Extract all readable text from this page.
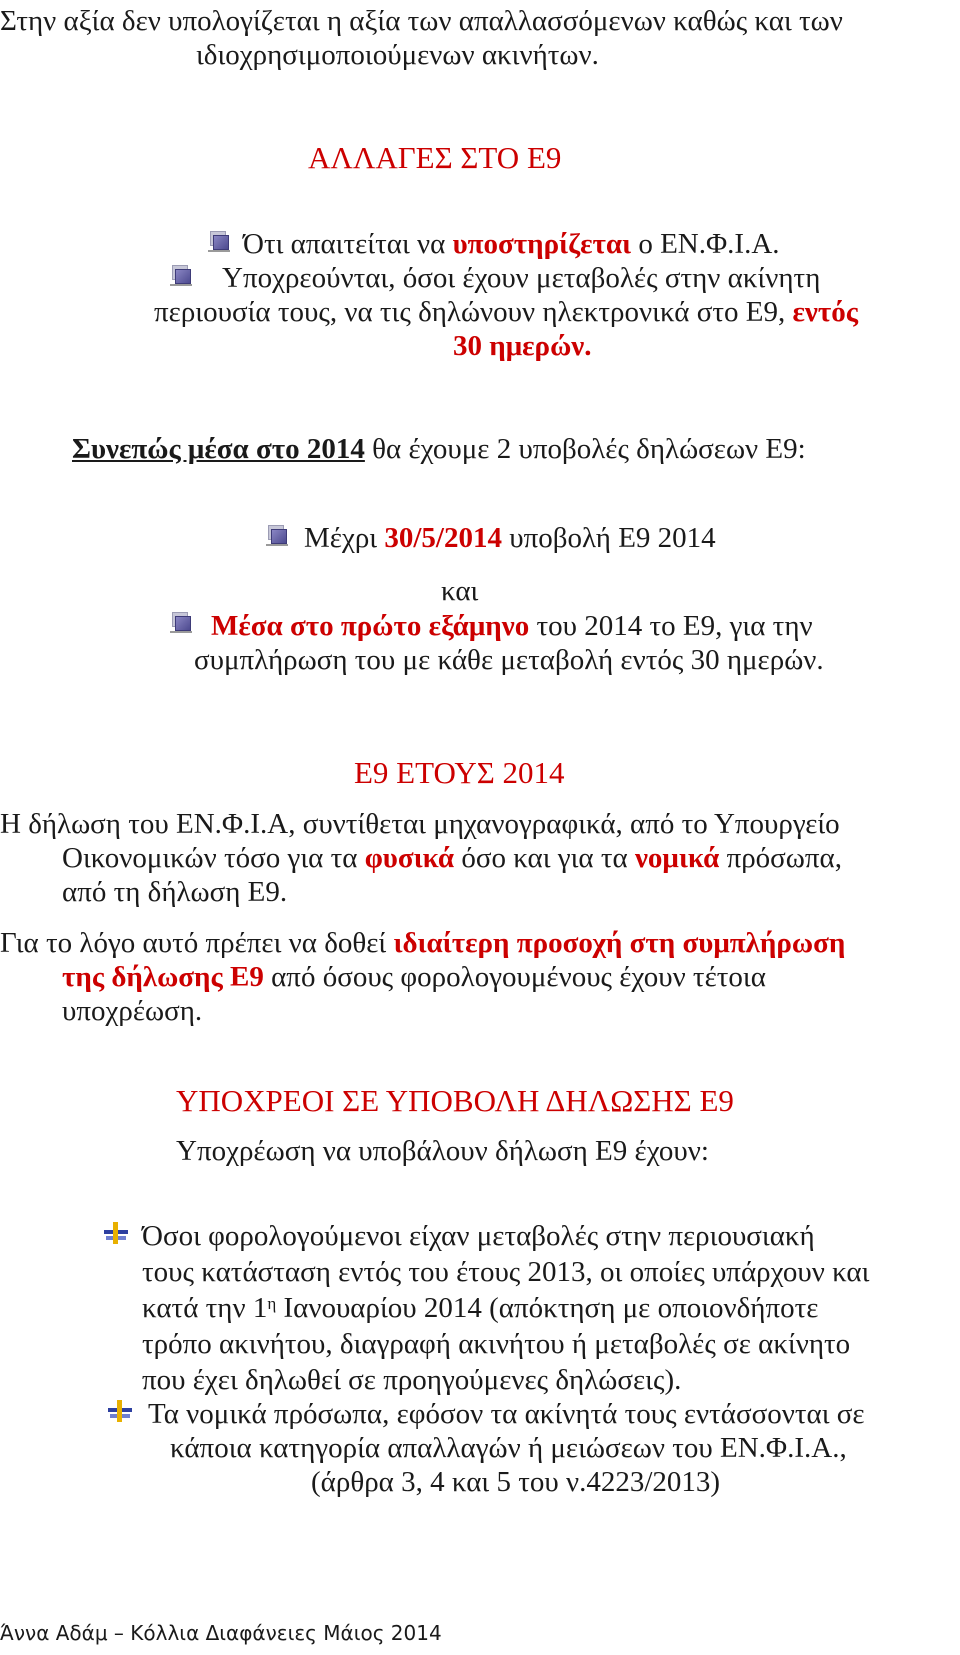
Στην αξία δεν υπολογίζεται η αξία των απαλλασσόμενων καθώς και των
ιδιοχρησιμοποιούμενων ακινήτων.
ΑΛΛΑΓΕΣ ΣΤΟ Ε9
Ότι απαιτείται να υποστηρίζεται ο ΕΝ.Φ.Ι.Α.
Υποχρεούνται, όσοι έχουν μεταβολές στην ακίνητη
περιουσία τους, να τις δηλώνουν ηλεκτρονικά στο Ε9, εντός
30 ημερών.
Συνεπώς μέσα στο 2014 θα έχουμε 2 υποβολές δηλώσεων Ε9:
Μέχρι 30/5/2014 υποβολή Ε9 2014
και
Μέσα στο πρώτο εξάμηνο του 2014 το Ε9, για την
συμπλήρωση του με κάθε μεταβολή εντός 30 ημερών.
Ε9 ΕΤΟΥΣ 2014
Η δήλωση του ΕΝ.Φ.Ι.Α, συντίθεται μηχανογραφικά, από το Υπουργείο
Οικονομικών τόσο για τα φυσικά όσο και για τα νομικά πρόσωπα,
από τη δήλωση Ε9.
Για το λόγο αυτό πρέπει να δοθεί ιδιαίτερη προσοχή στη συμπλήρωση
της δήλωσης Ε9 από όσους φορολογουμένους έχουν τέτοια
υποχρέωση.
ΥΠΟΧΡΕΟΙ ΣΕ ΥΠΟΒΟΛΗ ΔΗΛΩΣΗΣ Ε9
Υποχρέωση να υποβάλουν δήλωση Ε9 έχουν:
Όσοι φορολογούμενοι είχαν μεταβολές στην περιουσιακή
τους κατάσταση εντός του έτους 2013, οι οποίες υπάρχουν και
κατά την $1^\eta$ Ιανουαρίου 2014 (απόκτηση με οποιονδήποτε
τρόπο ακινήτου, διαγραφή ακινήτου ή μεταβολές σε ακίνητο
που έχει δηλωθεί σε προηγούμενες δηλώσεις).
Τα νομικά πρόσωπα, εφόσον τα ακίνητά τους εντάσσονται σε
κάποια κατηγορία απαλλαγών ή μειώσεων του ΕΝ.Φ.Ι.Α.,
(άρθρα 3, 4 και 5 του ν.4223/2013)
Άννα Αδάμ – Κόλλια Διαφάνειες Μάιος 2014
